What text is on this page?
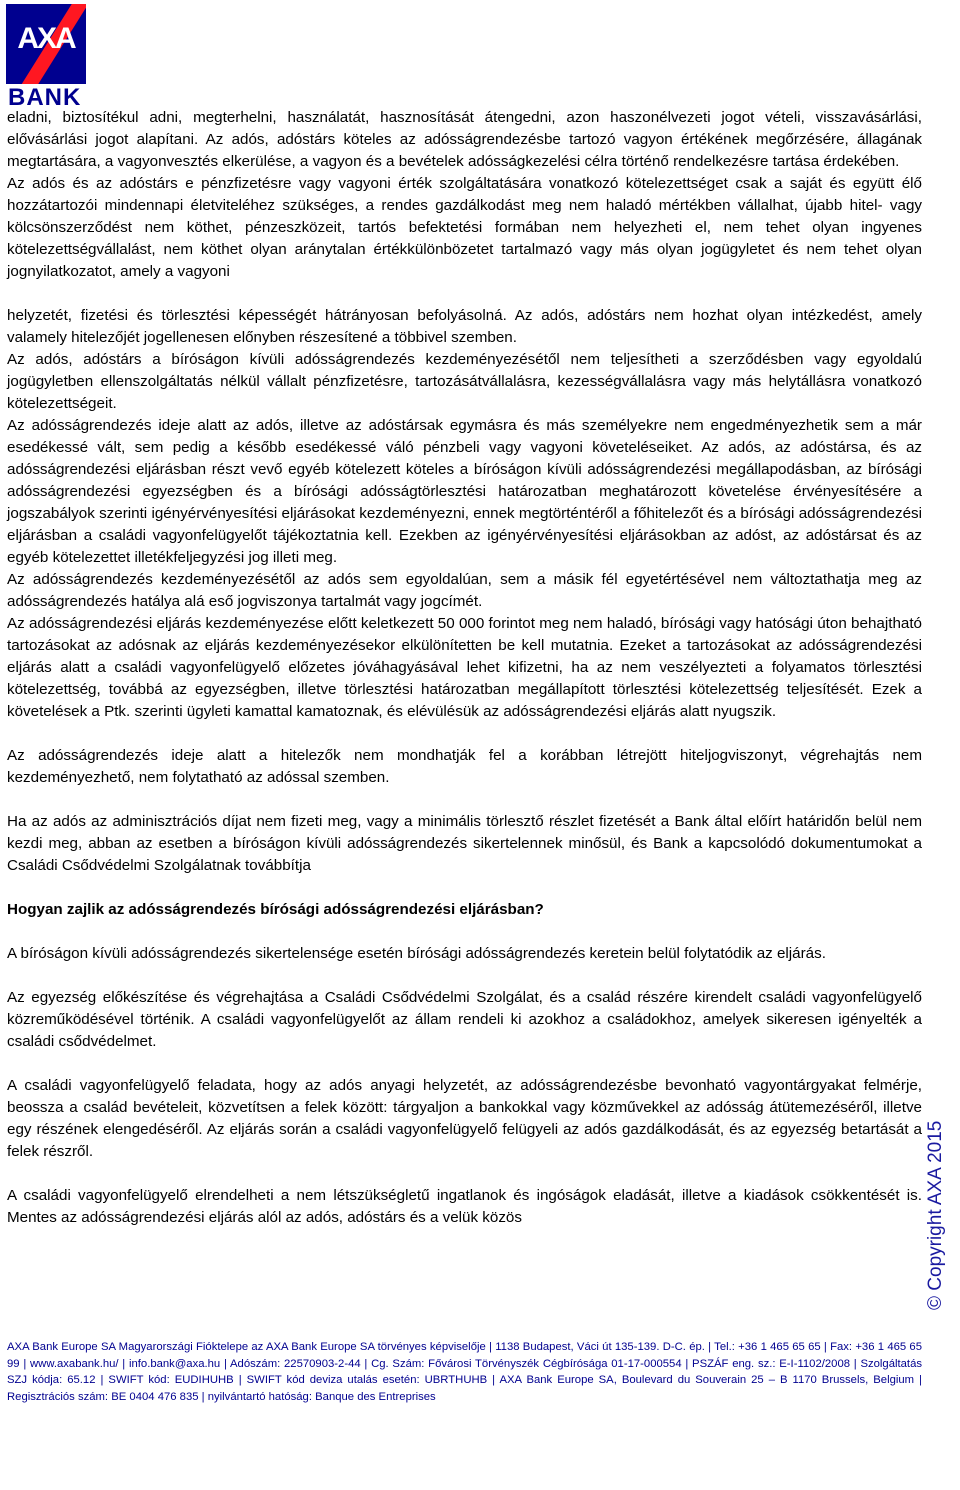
AXA
BANK

eladni, biztosítékul adni, megterhelni, használatát, hasznosítását átengedni, azon haszonélvezeti jogot vételi, visszavásárlási, elővásárlási jogot alapítani. Az adós, adóstárs köteles az adósságrendezésbe tartozó vagyon értékének megőrzésére, állagának megtartására, a vagyonvesztés elkerülése, a vagyon és a bevételek adósságkezelési célra történő rendelkezésre tartása érdekében.

Az adós és az adóstárs e pénzfizetésre vagy vagyoni érték szolgáltatására vonatkozó kötelezettséget csak a saját és együtt élő hozzátartozói mindennapi életviteléhez szükséges, a rendes gazdálkodást meg nem haladó mértékben vállalhat, újabb hitel- vagy kölcsönszerződést nem köthet, pénzeszközeit, tartós befektetési formában nem helyezheti el, nem tehet olyan ingyenes kötelezettségvállalást, nem köthet olyan aránytalan értékkülönbözetet tartalmazó vagy más olyan jogügyletet és nem tehet olyan jognyilatkozatot, amely a vagyoni

helyzetét, fizetési és törlesztési képességét hátrányosan befolyásolná. Az adós, adóstárs nem hozhat olyan intézkedést, amely valamely hitelezőjét jogellenesen előnyben részesítené a többivel szemben.

Az adós, adóstárs a bíróságon kívüli adósságrendezés kezdeményezésétől nem teljesítheti a szerződésben vagy egyoldalú jogügyletben ellenszolgáltatás nélkül vállalt pénzfizetésre, tartozásátvállalásra, kezességvállalásra vagy más helytállásra vonatkozó kötelezettségeit.

Az adósságrendezés ideje alatt az adós, illetve az adóstársak egymásra és más személyekre nem engedményezhetik sem a már esedékessé vált, sem pedig a később esedékessé váló pénzbeli vagy vagyoni követeléseiket. Az adós, az adóstársa, és az adósságrendezési eljárásban részt vevő egyéb kötelezett köteles a bíróságon kívüli adósságrendezési megállapodásban, az bírósági adósságrendezési egyezségben és a bírósági adósságtörlesztési határozatban meghatározott követelése érvényesítésére a jogszabályok szerinti igényérvényesítési eljárásokat kezdeményezni, ennek megtörténtéről a főhitelezőt és a bírósági adósságrendezési eljárásban a családi vagyonfelügyelőt tájékoztatnia kell. Ezekben az igényérvényesítési eljárásokban az adóst, az adóstársat és az egyéb kötelezettet illetékfeljegyzési jog illeti meg.

Az adósságrendezés kezdeményezésétől az adós sem egyoldalúan, sem a másik fél egyetértésével nem változtathatja meg az adósságrendezés hatálya alá eső jogviszonya tartalmát vagy jogcímét.

Az adósságrendezési eljárás kezdeményezése előtt keletkezett 50 000 forintot meg nem haladó, bírósági vagy hatósági úton behajtható tartozásokat az adósnak az eljárás kezdeményezésekor elkülönítetten be kell mutatnia. Ezeket a tartozásokat az adósságrendezési eljárás alatt a családi vagyonfelügyelő előzetes jóváhagyásával lehet kifizetni, ha az nem veszélyezteti a folyamatos törlesztési kötelezettség, továbbá az egyezségben, illetve törlesztési határozatban megállapított törlesztési kötelezettség teljesítését. Ezek a követelések a Ptk. szerinti ügyleti kamattal kamatoznak, és elévülésük az adósságrendezési eljárás alatt nyugszik.

Az adósságrendezés ideje alatt a hitelezők nem mondhatják fel a korábban létrejött hiteljogviszonyt, végrehajtás nem kezdeményezhető, nem folytatható az adóssal szemben.

Ha az adós az adminisztrációs díjat nem fizeti meg, vagy a minimális törlesztő részlet fizetését a Bank által előírt határidőn belül nem kezdi meg, abban az esetben a bíróságon kívüli adósságrendezés sikertelennek minősül, és Bank a kapcsolódó dokumentumokat a Családi Csődvédelmi Szolgálatnak továbbítja

Hogyan zajlik az adósságrendezés bírósági adósságrendezési eljárásban?

A bíróságon kívüli adósságrendezés sikertelensége esetén bírósági adósságrendezés keretein belül folytatódik az eljárás.

Az egyezség előkészítése és végrehajtása a Családi Csődvédelmi Szolgálat, és a család részére kirendelt családi vagyonfelügyelő közreműködésével történik. A családi vagyonfelügyelőt az állam rendeli ki azokhoz a családokhoz, amelyek sikeresen igényelték a családi csődvédelmet.

A családi vagyonfelügyelő feladata, hogy az adós anyagi helyzetét, az adósságrendezésbe bevonható vagyontárgyakat felmérje, beossza a család bevételeit, közvetítsen a felek között: tárgyaljon a bankokkal vagy közművekkel az adósság átütemezéséről, illetve egy részének elengedéséről. Az eljárás során a családi vagyonfelügyelő felügyeli az adós gazdálkodását, és az egyezség betartását a felek részről.

A családi vagyonfelügyelő elrendelheti a nem létszükségletű ingatlanok és ingóságok eladását, illetve a kiadások csökkentését is. Mentes az adósságrendezési eljárás alól az adós, adóstárs és a velük közös	© Copyright AXA 2015
AXA Bank Europe SA Magyarországi Fióktelepe az AXA Bank Europe SA törvényes képviselője | 1138 Budapest, Váci út 135-139. D-C. ép. | Tel.: +36 1 465 65 65 | Fax: +36 1 465 65 99 | www.axabank.hu/ | info.bank@axa.hu | Adószám: 22570903-2-44 | Cg. Szám: Fővárosi Törvényszék Cégbírósága 01-17-000554 | PSZÁF eng. sz.: E-I-1102/2008 | Szolgáltatás SZJ kódja: 65.12 | SWIFT kód: EUDIHUHB | SWIFT kód deviza utalás esetén: UBRTHUHB | AXA Bank Europe SA, Boulevard du Souverain 25 – B 1170 Brussels, Belgium | Regisztrációs szám: BE 0404 476 835 | nyilvántartó hatóság: Banque des Entreprises
